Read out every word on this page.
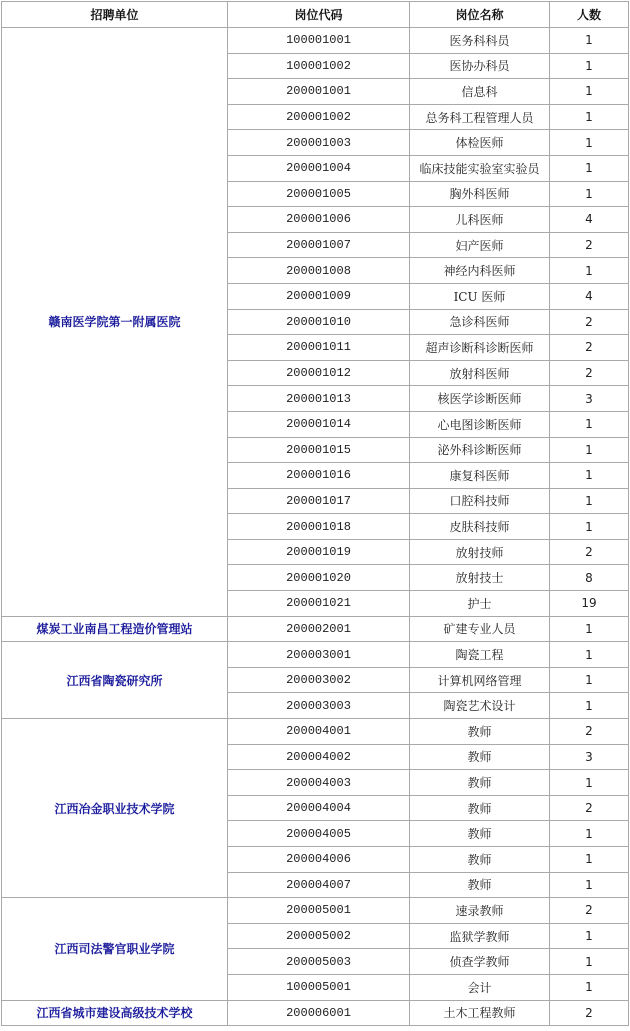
招聘单位	岗位代码	岗位名称	人数
赣南医学院第一附属医院	100001001	医务科科员	1
	100001002	医协办科员	1
	200001001	信息科	1
	200001002	总务科工程管理人员	1
	200001003	体检医师	1
	200001004	临床技能实验室实验员	1
	200001005	胸外科医师	1
	200001006	儿科医师	4
	200001007	妇产医师	2
	200001008	神经内科医师	1
	200001009	ICU 医师	4
	200001010	急诊科医师	2
	200001011	超声诊断科诊断医师	2
	200001012	放射科医师	2
	200001013	核医学诊断医师	3
	200001014	心电图诊断医师	1
	200001015	泌外科诊断医师	1
	200001016	康复科医师	1
	200001017	口腔科技师	1
	200001018	皮肤科技师	1
	200001019	放射技师	2
	200001020	放射技士	8
	200001021	护士	19
煤炭工业南昌工程造价管理站	200002001	矿建专业人员	1
江西省陶瓷研究所	200003001	陶瓷工程	1
	200003002	计算机网络管理	1
	200003003	陶瓷艺术设计	1
江西冶金职业技术学院	200004001	教师	2
	200004002	教师	3
	200004003	教师	1
	200004004	教师	2
	200004005	教师	1
	200004006	教师	1
	200004007	教师	1
江西司法警官职业学院	200005001	速录教师	2
	200005002	监狱学教师	1
	200005003	侦查学教师	1
	100005001	会计	1
江西省城市建设高级技术学校	200006001	土木工程教师	2
